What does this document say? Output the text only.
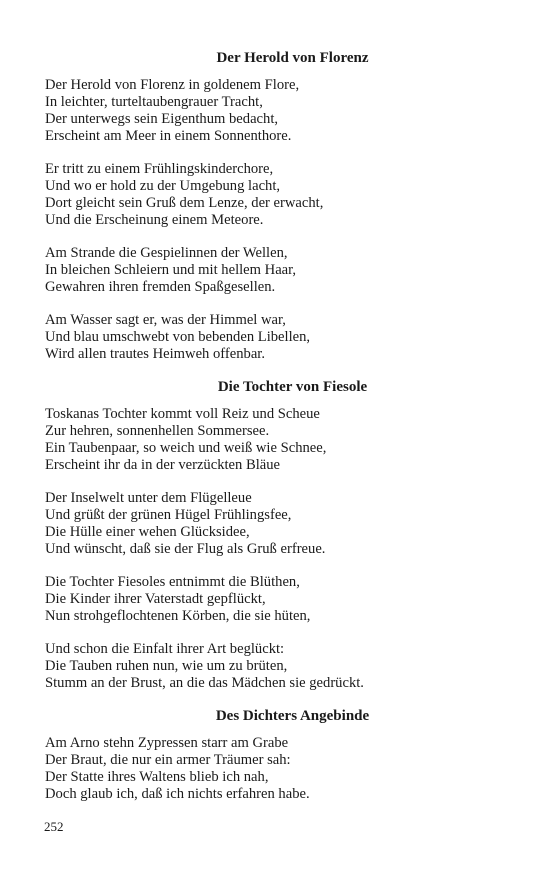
Der Herold von Florenz
Der Herold von Florenz in goldenem Flore,
In leichter, turteltaubengrauer Tracht,
Der unterwegs sein Eigenthum bedacht,
Erscheint am Meer in einem Sonnenthore.
Er tritt zu einem Frühlingskinderchore,
Und wo er hold zu der Umgebung lacht,
Dort gleicht sein Gruß dem Lenze, der erwacht,
Und die Erscheinung einem Meteore.
Am Strande die Gespielinnen der Wellen,
In bleichen Schleiern und mit hellem Haar,
Gewahren ihren fremden Spaßgesellen.
Am Wasser sagt er, was der Himmel war,
Und blau umschwebt von bebenden Libellen,
Wird allen trautes Heimweh offenbar.
Die Tochter von Fiesole
Toskanas Tochter kommt voll Reiz und Scheue
Zur hehren, sonnenhellen Sommersee.
Ein Taubenpaar, so weich und weiß wie Schnee,
Erscheint ihr da in der verzückten Bläue
Der Inselwelt unter dem Flügelleue
Und grüßt der grünen Hügel Frühlingsfee,
Die Hülle einer wehen Glücksidee,
Und wünscht, daß sie der Flug als Gruß erfreue.
Die Tochter Fiesoles entnimmt die Blüthen,
Die Kinder ihrer Vaterstadt gepflückt,
Nun strohgeflochtenen Körben, die sie hüten,
Und schon die Einfalt ihrer Art beglückt:
Die Tauben ruhen nun, wie um zu brüten,
Stumm an der Brust, an die das Mädchen sie gedrückt.
Des Dichters Angebinde
Am Arno stehn Zypressen starr am Grabe
Der Braut, die nur ein armer Träumer sah:
Der Statte ihres Waltens blieb ich nah,
Doch glaub ich, daß ich nichts erfahren habe.
252
